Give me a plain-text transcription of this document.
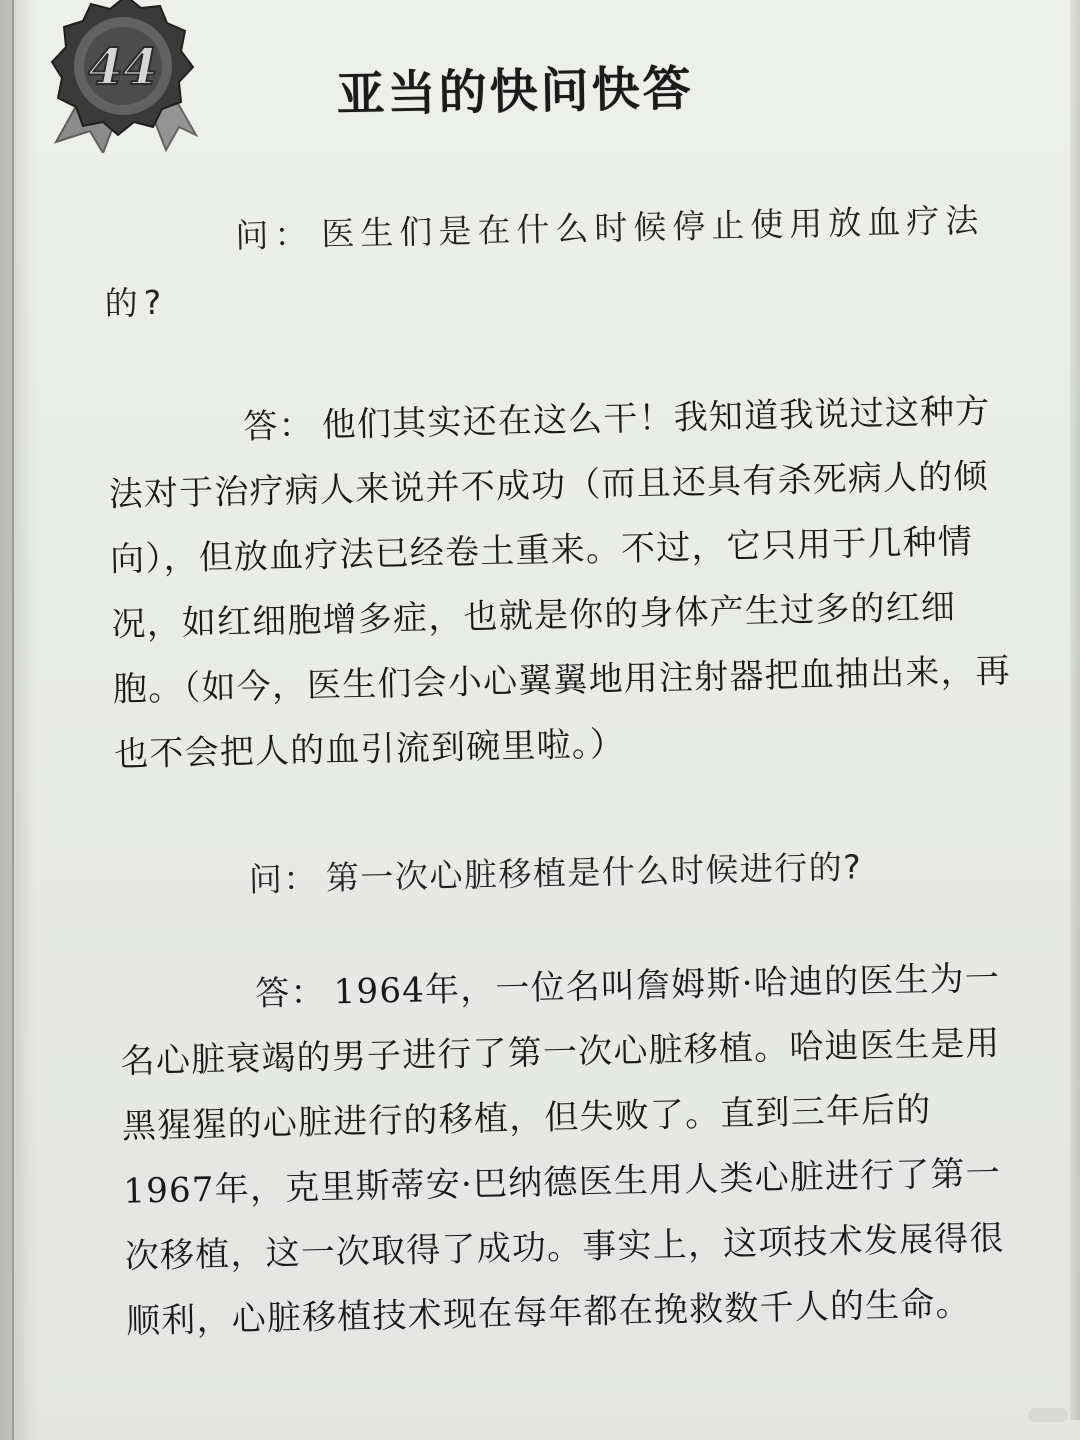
44	亚当的快问快答

问： 医生们是在什么时候停止使用放血疗法的?

答： 他们其实还在这么干！我知道我说过这种方法对于治疗病人来说并不成功（而且还具有杀死病人的倾向），但放血疗法已经卷土重来。不过，它只用于几种情况，如红细胞增多症，也就是你的身体产生过多的红细胞。（如今，医生们会小心翼翼地用注射器把血抽出来，再也不会把人的血引流到碗里啦。）

问： 第一次心脏移植是什么时候进行的?

答： 1964年，一位名叫詹姆斯·哈迪的医生为一名心脏衰竭的男子进行了第一次心脏移植。哈迪医生是用黑猩猩的心脏进行的移植，但失败了。直到三年后的1967年，克里斯蒂安·巴纳德医生用人类心脏进行了第一次移植，这一次取得了成功。事实上，这项技术发展得很顺利，心脏移植技术现在每年都在挽救数千人的生命。
